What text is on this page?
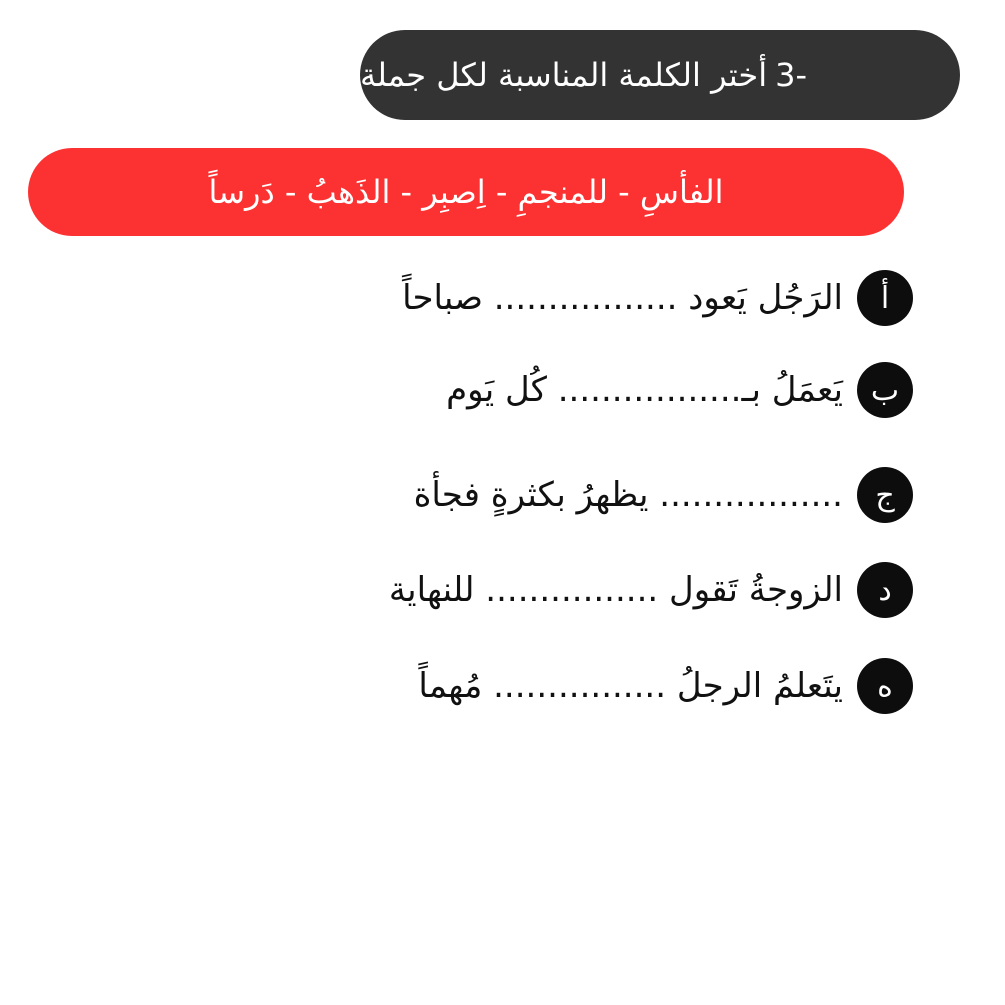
3-
أختر الكلمة المناسبة لكل جملة
الفأسِ - للمنجمِ - اِصبِر - الذَهبُ - دَرساً
أ
الرَجُل يَعود ................. صباحاً
ب
يَعمَلُ بـ................. كُل يَوم
ج
................. يظهرُ بكثرةٍ فجأة
د
الزوجةُ تَقول ................ للنهاية
ه
يتَعلمُ الرجلُ ................ مُهماً
